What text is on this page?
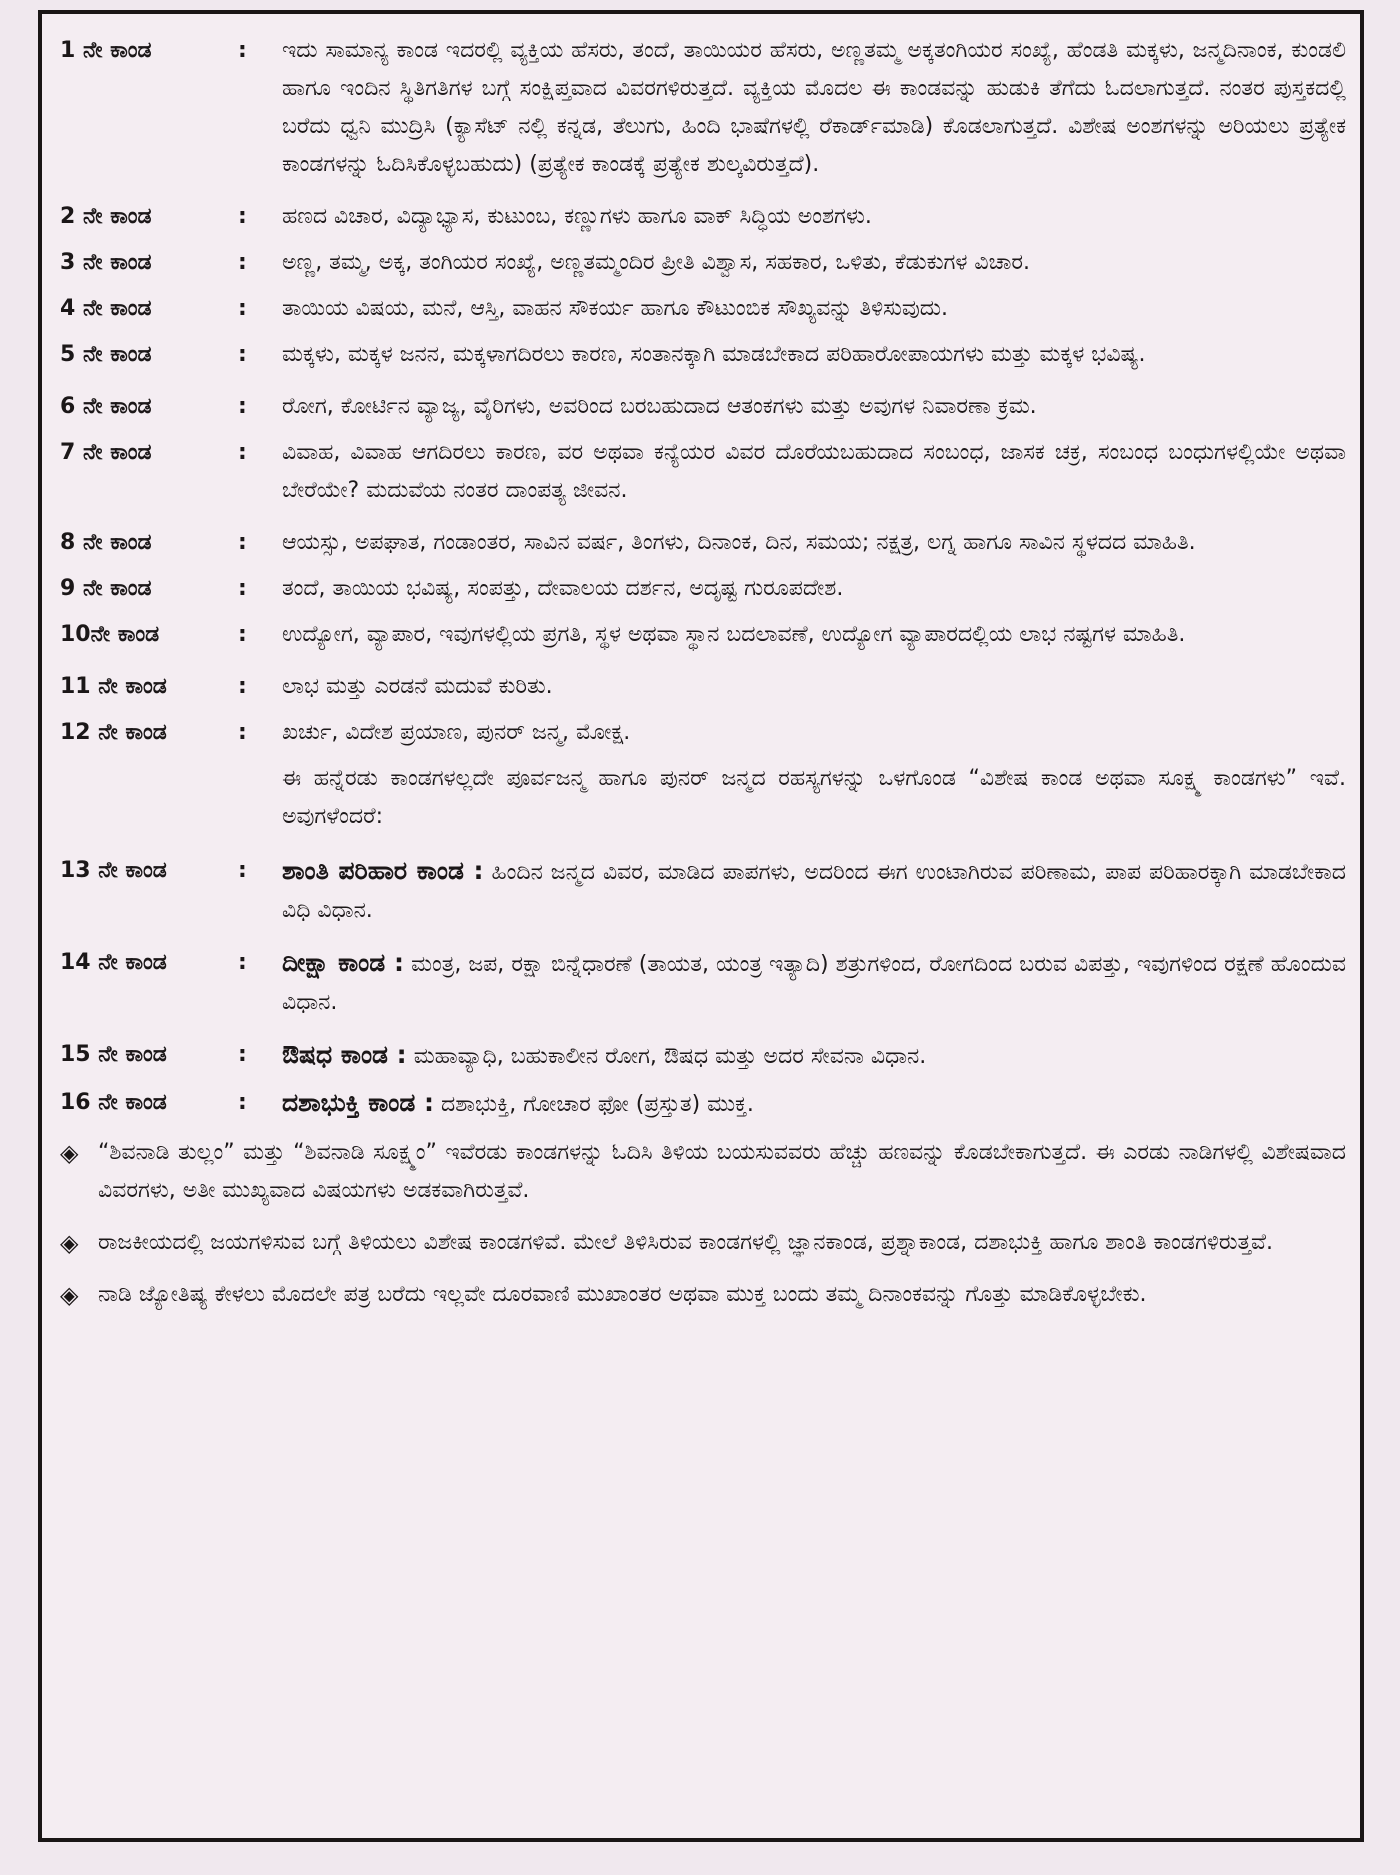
1 ನೇ ಕಾಂಡ	:	ಇದು ಸಾಮಾನ್ಯ ಕಾಂಡ ಇದರಲ್ಲಿ ವ್ಯಕ್ತಿಯ ಹೆಸರು, ತಂದೆ, ತಾಯಿಯರ ಹೆಸರು, ಅಣ್ಣತಮ್ಮ ಅಕ್ಕತಂಗಿಯರ ಸಂಖ್ಯೆ, ಹೆಂಡತಿ ಮಕ್ಕಳು, ಜನ್ಮದಿನಾಂಕ, ಕುಂಡಲಿ ಹಾಗೂ ಇಂದಿನ ಸ್ಥಿತಿಗತಿಗಳ ಬಗ್ಗೆ ಸಂಕ್ಷಿಪ್ತವಾದ ವಿವರಗಳಿರುತ್ತದೆ. ವ್ಯಕ್ತಿಯ ಮೊದಲ ಈ ಕಾಂಡವನ್ನು ಹುಡುಕಿ ತೆಗೆದು ಓದಲಾಗುತ್ತದೆ. ನಂತರ ಪುಸ್ತಕದಲ್ಲಿ ಬರೆದು ಧ್ವನಿ ಮುದ್ರಿಸಿ (ಕ್ಯಾಸೆಟ್ ನಲ್ಲಿ ಕನ್ನಡ, ತೆಲುಗು, ಹಿಂದಿ ಭಾಷೆಗಳಲ್ಲಿ ರೆಕಾರ್ಡ್‌ಮಾಡಿ) ಕೊಡಲಾಗುತ್ತದೆ. ವಿಶೇಷ ಅಂಶಗಳನ್ನು ಅರಿಯಲು ಪ್ರತ್ಯೇಕ ಕಾಂಡಗಳನ್ನು ಓದಿಸಿಕೊಳ್ಳಬಹುದು) (ಪ್ರತ್ಯೇಕ ಕಾಂಡಕ್ಕೆ ಪ್ರತ್ಯೇಕ ಶುಲ್ಕವಿರುತ್ತದೆ).
2 ನೇ ಕಾಂಡ	:	ಹಣದ ವಿಚಾರ, ವಿದ್ಯಾಭ್ಯಾಸ, ಕುಟುಂಬ, ಕಣ್ಣುಗಳು ಹಾಗೂ ವಾಕ್ ಸಿದ್ಧಿಯ ಅಂಶಗಳು.
3 ನೇ ಕಾಂಡ	:	ಅಣ್ಣ, ತಮ್ಮ, ಅಕ್ಕ, ತಂಗಿಯರ ಸಂಖ್ಯೆ, ಅಣ್ಣತಮ್ಮಂದಿರ ಪ್ರೀತಿ ವಿಶ್ವಾಸ, ಸಹಕಾರ, ಒಳಿತು, ಕೆಡುಕುಗಳ ವಿಚಾರ.
4 ನೇ ಕಾಂಡ	:	ತಾಯಿಯ ವಿಷಯ, ಮನೆ, ಆಸ್ತಿ, ವಾಹನ ಸೌಕರ್ಯ ಹಾಗೂ ಕೌಟುಂಬಿಕ ಸೌಖ್ಯವನ್ನು ತಿಳಿಸುವುದು.
5 ನೇ ಕಾಂಡ	:	ಮಕ್ಕಳು, ಮಕ್ಕಳ ಜನನ, ಮಕ್ಕಳಾಗದಿರಲು ಕಾರಣ, ಸಂತಾನಕ್ಕಾಗಿ ಮಾಡಬೇಕಾದ ಪರಿಹಾರೋಪಾಯಗಳು ಮತ್ತು ಮಕ್ಕಳ ಭವಿಷ್ಯ.
6 ನೇ ಕಾಂಡ	:	ರೋಗ, ಕೋರ್ಟಿನ ವ್ಯಾಜ್ಯ, ವೈರಿಗಳು, ಅವರಿಂದ ಬರಬಹುದಾದ ಆತಂಕಗಳು ಮತ್ತು ಅವುಗಳ ನಿವಾರಣಾ ಕ್ರಮ.
7 ನೇ ಕಾಂಡ	:	ವಿವಾಹ, ವಿವಾಹ ಆಗದಿರಲು ಕಾರಣ, ವರ ಅಥವಾ ಕನ್ಯೆಯರ ವಿವರ ದೊರೆಯಬಹುದಾದ ಸಂಬಂಧ, ಜಾಸಕ ಚಕ್ರ, ಸಂಬಂಧ ಬಂಧುಗಳಲ್ಲಿಯೇ ಅಥವಾ ಬೇರೆಯೇ? ಮದುವೆಯ ನಂತರ ದಾಂಪತ್ಯ ಜೀವನ.
8 ನೇ ಕಾಂಡ	:	ಆಯಸ್ಸು, ಅಪಘಾತ, ಗಂಡಾಂತರ, ಸಾವಿನ ವರ್ಷ, ತಿಂಗಳು, ದಿನಾಂಕ, ದಿನ, ಸಮಯ; ನಕ್ಷತ್ರ, ಲಗ್ನ ಹಾಗೂ ಸಾವಿನ ಸ್ಥಳದದ ಮಾಹಿತಿ.
9 ನೇ ಕಾಂಡ	:	ತಂದೆ, ತಾಯಿಯ ಭವಿಷ್ಯ, ಸಂಪತ್ತು, ದೇವಾಲಯ ದರ್ಶನ, ಅದೃಷ್ಟ ಗುರೂಪದೇಶ.
10ನೇ ಕಾಂಡ	:	ಉದ್ಯೋಗ, ವ್ಯಾಪಾರ, ಇವುಗಳಲ್ಲಿಯ ಪ್ರಗತಿ, ಸ್ಥಳ ಅಥವಾ ಸ್ಥಾನ ಬದಲಾವಣೆ, ಉದ್ಯೋಗ ವ್ಯಾಪಾರದಲ್ಲಿಯ ಲಾಭ ನಷ್ಟಗಳ ಮಾಹಿತಿ.
11 ನೇ ಕಾಂಡ	:	ಲಾಭ ಮತ್ತು ಎರಡನೆ ಮದುವೆ ಕುರಿತು.
12 ನೇ ಕಾಂಡ	:	ಖರ್ಚು, ವಿದೇಶ ಪ್ರಯಾಣ, ಪುನರ್ ಜನ್ಮ, ಮೋಕ್ಷ.
ಈ ಹನ್ನೆರಡು ಕಾಂಡಗಳಲ್ಲದೇ ಪೂರ್ವಜನ್ಮ ಹಾಗೂ ಪುನರ್ ಜನ್ಮದ ರಹಸ್ಯಗಳನ್ನು ಒಳಗೊಂಡ “ವಿಶೇಷ ಕಾಂಡ ಅಥವಾ ಸೂಕ್ಷ್ಮ ಕಾಂಡಗಳು” ಇವೆ. ಅವುಗಳೆಂದರೆ:
13 ನೇ ಕಾಂಡ	:	ಶಾಂತಿ ಪರಿಹಾರ ಕಾಂಡ : ಹಿಂದಿನ ಜನ್ಮದ ವಿವರ, ಮಾಡಿದ ಪಾಪಗಳು, ಅದರಿಂದ ಈಗ ಉಂಟಾಗಿರುವ ಪರಿಣಾಮ, ಪಾಪ ಪರಿಹಾರಕ್ಕಾಗಿ ಮಾಡಬೇಕಾದ ವಿಧಿ ವಿಧಾನ.
14 ನೇ ಕಾಂಡ	:	ದೀಕ್ಷಾ ಕಾಂಡ : ಮಂತ್ರ, ಜಪ, ರಕ್ಷಾ ಬಿನ್ನೆಧಾರಣೆ (ತಾಯತ, ಯಂತ್ರ ಇತ್ಯಾದಿ) ಶತ್ರುಗಳಿಂದ, ರೋಗದಿಂದ ಬರುವ ವಿಪತ್ತು, ಇವುಗಳಿಂದ ರಕ್ಷಣೆ ಹೊಂದುವ ವಿಧಾನ.
15 ನೇ ಕಾಂಡ	:	ಔಷಧ ಕಾಂಡ : ಮಹಾವ್ಯಾಧಿ, ಬಹುಕಾಲೀನ ರೋಗ, ಔಷಧ ಮತ್ತು ಅದರ ಸೇವನಾ ವಿಧಾನ.
16 ನೇ ಕಾಂಡ	:	ದಶಾಭುಕ್ತಿ ಕಾಂಡ : ದಶಾಭುಕ್ತಿ, ಗೋಚಾರ ಫೋ (ಪ್ರಸ್ತುತ) ಮುಕ್ತ.
◈ “ಶಿವನಾಡಿ ತುಲ್ಲಂ” ಮತ್ತು “ಶಿವನಾಡಿ ಸೂಕ್ಷ್ಮಂ” ಇವೆರಡು ಕಾಂಡಗಳನ್ನು ಓದಿಸಿ ತಿಳಿಯ ಬಯಸುವವರು ಹೆಚ್ಚು ಹಣವನ್ನು ಕೊಡಬೇಕಾಗುತ್ತದೆ. ಈ ಎರಡು ನಾಡಿಗಳಲ್ಲಿ ವಿಶೇಷವಾದ ವಿವರಗಳು, ಅತೀ ಮುಖ್ಯವಾದ ವಿಷಯಗಳು ಅಡಕವಾಗಿರುತ್ತವೆ.
◈ ರಾಜಕೀಯದಲ್ಲಿ ಜಯಗಳಿಸುವ ಬಗ್ಗೆ ತಿಳಿಯಲು ವಿಶೇಷ ಕಾಂಡಗಳಿವೆ. ಮೇಲೆ ತಿಳಿಸಿರುವ ಕಾಂಡಗಳಲ್ಲಿ ಜ್ಞಾನಕಾಂಡ, ಪ್ರಶ್ನಾಕಾಂಡ, ದಶಾಭುಕ್ತಿ ಹಾಗೂ ಶಾಂತಿ ಕಾಂಡಗಳಿರುತ್ತವೆ.
◈ ನಾಡಿ ಜ್ಯೋತಿಷ್ಯ ಕೇಳಲು ಮೊದಲೇ ಪತ್ರ ಬರೆದು ಇಲ್ಲವೇ ದೂರವಾಣಿ ಮುಖಾಂತರ ಅಥವಾ ಮುಕ್ತ ಬಂದು ತಮ್ಮ ದಿನಾಂಕವನ್ನು ಗೊತ್ತು ಮಾಡಿಕೊಳ್ಳಬೇಕು.
